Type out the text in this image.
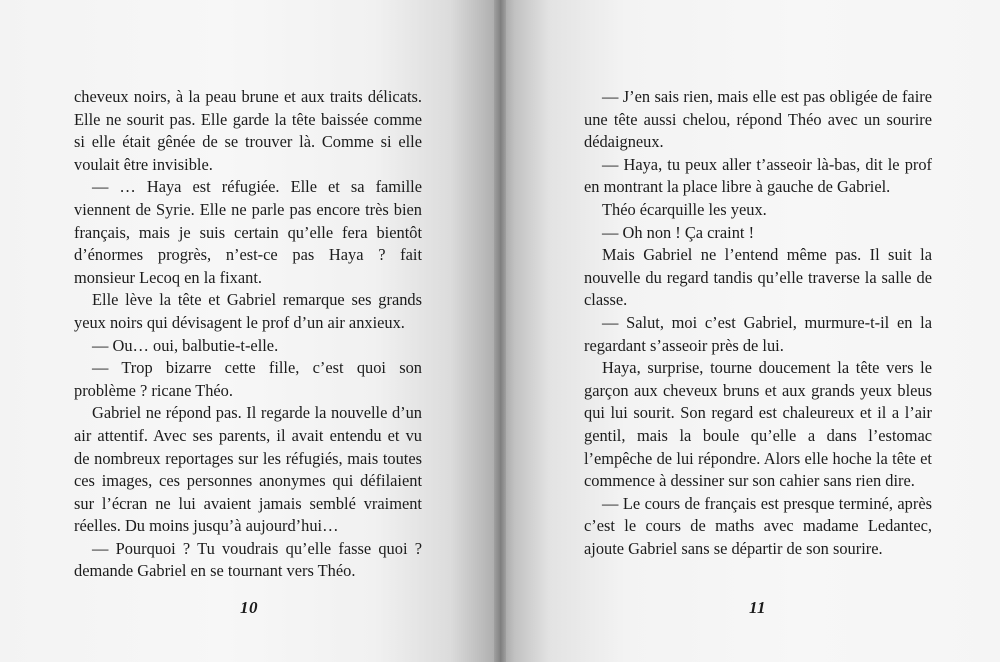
cheveux noirs, à la peau brune et aux traits délicats. Elle ne sourit pas. Elle garde la tête baissée comme si elle était gênée de se trouver là. Comme si elle voulait être invisible.

— … Haya est réfugiée. Elle et sa famille viennent de Syrie. Elle ne parle pas encore très bien français, mais je suis certain qu’elle fera bientôt d’énormes progrès, n’est-ce pas Haya ? fait monsieur Lecoq en la fixant.

Elle lève la tête et Gabriel remarque ses grands yeux noirs qui dévisagent le prof d’un air anxieux.

— Ou… oui, balbutie-t-elle.

— Trop bizarre cette fille, c’est quoi son problème ? ricane Théo.

Gabriel ne répond pas. Il regarde la nouvelle d’un air attentif. Avec ses parents, il avait entendu et vu de nombreux reportages sur les réfugiés, mais toutes ces images, ces personnes anonymes qui défilaient sur l’écran ne lui avaient jamais semblé vraiment réelles. Du moins jusqu’à aujourd’hui…

— Pourquoi ? Tu voudrais qu’elle fasse quoi ? demande Gabriel en se tournant vers Théo.

10

— J’en sais rien, mais elle est pas obligée de faire une tête aussi chelou, répond Théo avec un sourire dédaigneux.

— Haya, tu peux aller t’asseoir là-bas, dit le prof en montrant la place libre à gauche de Gabriel.

Théo écarquille les yeux.

— Oh non ! Ça craint !

Mais Gabriel ne l’entend même pas. Il suit la nouvelle du regard tandis qu’elle traverse la salle de classe.

— Salut, moi c’est Gabriel, murmure-t-il en la regardant s’asseoir près de lui.

Haya, surprise, tourne doucement la tête vers le garçon aux cheveux bruns et aux grands yeux bleus qui lui sourit. Son regard est chaleureux et il a l’air gentil, mais la boule qu’elle a dans l’estomac l’empêche de lui répondre. Alors elle hoche la tête et commence à dessiner sur son cahier sans rien dire.

— Le cours de français est presque terminé, après c’est le cours de maths avec madame Ledantec, ajoute Gabriel sans se départir de son sourire.

11
